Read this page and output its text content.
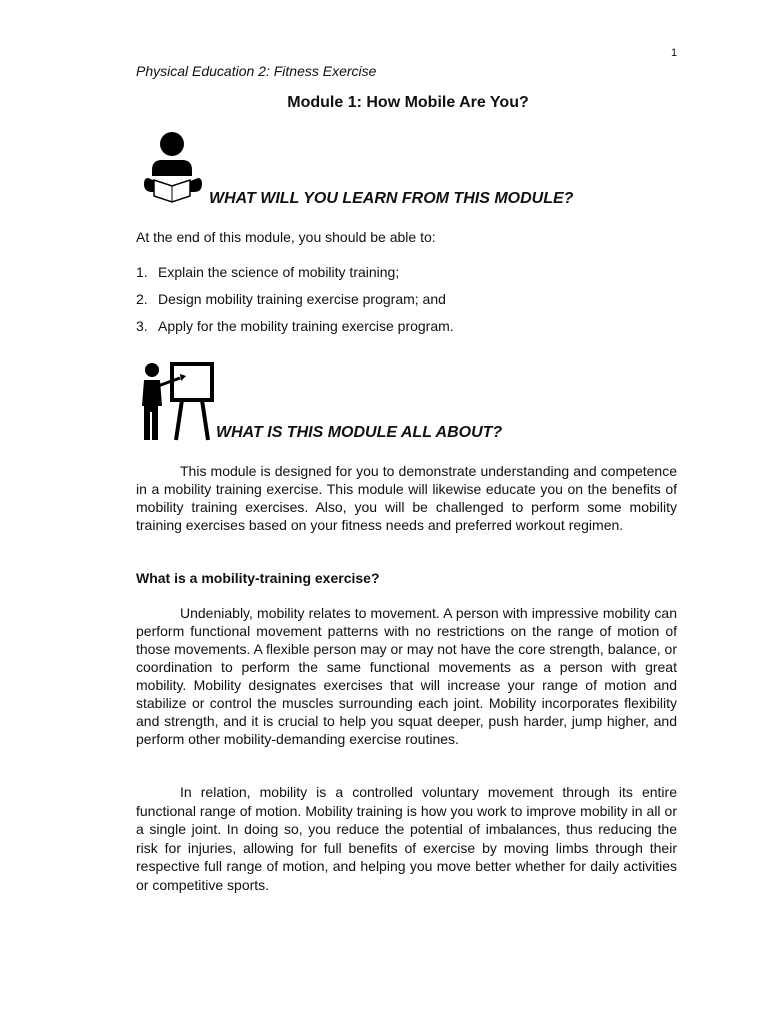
1
Physical Education 2: Fitness Exercise
Module 1: How Mobile Are You?
WHAT WILL YOU LEARN FROM THIS MODULE?
At the end of this module, you should be able to:
1. Explain the science of mobility training;
2. Design mobility training exercise program; and
3. Apply for the mobility training exercise program.
WHAT IS THIS MODULE ALL ABOUT?

This module is designed for you to demonstrate understanding and competence in a mobility training exercise. This module will likewise educate you on the benefits of mobility training exercises. Also, you will be challenged to perform some mobility training exercises based on your fitness needs and preferred workout regimen.

What is a mobility-training exercise?

Undeniably, mobility relates to movement. A person with impressive mobility can perform functional movement patterns with no restrictions on the range of motion of those movements. A flexible person may or may not have the core strength, balance, or coordination to perform the same functional movements as a person with great mobility. Mobility designates exercises that will increase your range of motion and stabilize or control the muscles surrounding each joint. Mobility incorporates flexibility and strength, and it is crucial to help you squat deeper, push harder, jump higher, and perform other mobility-demanding exercise routines.

In relation, mobility is a controlled voluntary movement through its entire functional range of motion. Mobility training is how you work to improve mobility in all or a single joint. In doing so, you reduce the potential of imbalances, thus reducing the risk for injuries, allowing for full benefits of exercise by moving limbs through their respective full range of motion, and helping you move better whether for daily activities or competitive sports.
